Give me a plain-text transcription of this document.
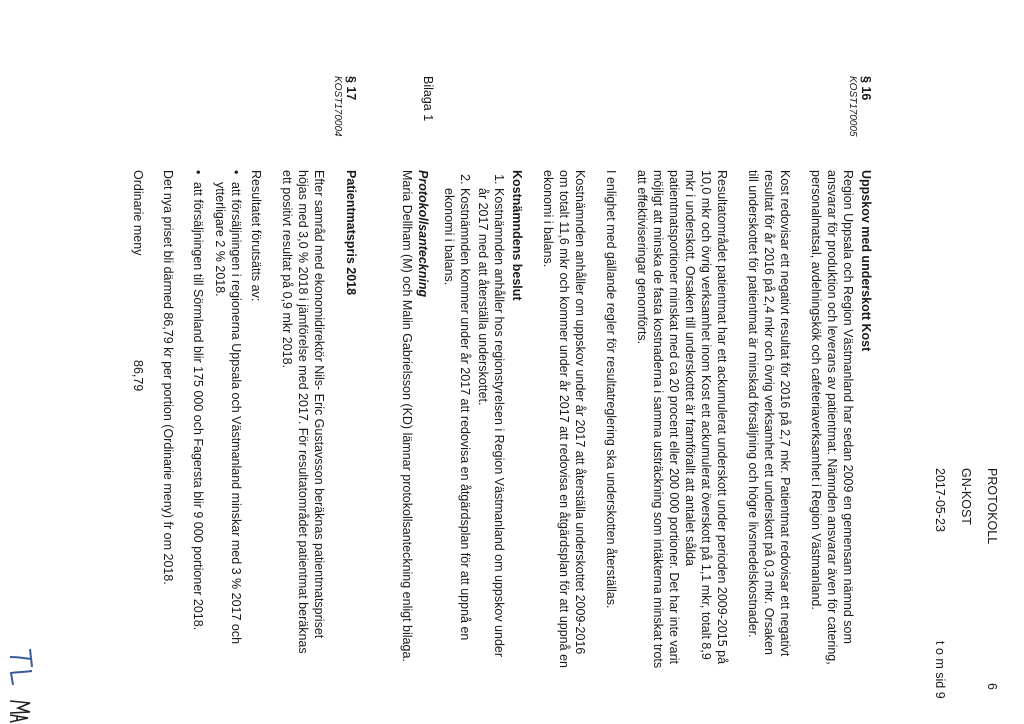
PROTOKOLL
6
GN-KOST
2017-05-23
t o m sid 9
§ 16
KOST170005
Uppskov med underskott Kost

Region Uppsala och Region Västmanland har sedan 2009 en gemensam nämnd som ansvarar för produktion och leverans av patientmat. Nämnden ansvarar även för catering, personalmatsal, avdelningskök och cafeteriaverksamhet i Region Västmanland.

Kost redovisar ett negativt resultat för 2016 på 2,7 mkr. Patientmat redovisar ett negativt resultat för år 2016 på 2,4 mkr och övrig verksamhet ett underskott på 0,3 mkr. Orsaken till underskottet för patientmat är minskad försäljning och högre livsmedelskostnader.

Resultatområdet patientmat har ett ackumulerat underskott under perioden 2009-2015 på 10,0 mkr och övrig verksamhet inom Kost ett ackumulerat överskott på 1,1 mkr, totalt 8,9 mkr i underskott. Orsaken till underskottet är framförallt att antalet sålda patientmatsportioner minskat med ca 20 procent eller 200 000 portioner. Det har inte varit möjligt att minska de fasta kostnaderna i samma utsträckning som intäkterna minskat trots att effektiviseringar genomförts.

I enlighet med gällande regler för resultatreglering ska underskotten återställas.

Kostnämnden anhåller om uppskov under år 2017 att återställa underskottet 2009-2016 om totalt 11,6 mkr och kommer under år 2017 att redovisa en åtgärdsplan för att uppnå en ekonomi i balans.

Kostnämndens beslut

1. Kostnämnden anhåller hos regionstyrelsen i Region Västmanland om uppskov under år 2017 med att återställa underskottet.
2. Kostnämnden kommer under år 2017 att redovisa en åtgärdsplan för att uppnå en ekonomi i balans.

Protokollsanteckning

Maria Dellham (M) och Malin Gabrielsson (KD) lämnar protokollsanteckning enligt bilaga.

Bilaga 1
§ 17
KOST170004
Patientmatspris 2018

Efter samråd med ekonomidirektör Nils- Eric Gustavsson beräknas patientmatspriset höjas med 3,0 % 2018 i jämförelse med 2017. För resultatområdet patientmat beräknas ett positivt resultat på 0,9 mkr 2018.

Resultatet förutsätts av:

• att försäljningen i regionerna Uppsala och Västmanland minskar med 3 % 2017 och ytterligare 2 % 2018.
• att försäljningen till Sörmland blir 175 000 och Fagersta blir 9 000 portioner 2018.

Det nya priset bli därmed 86,79 kr per portion (Ordinarie meny) fr om 2018.

Ordinarie meny
86,79
